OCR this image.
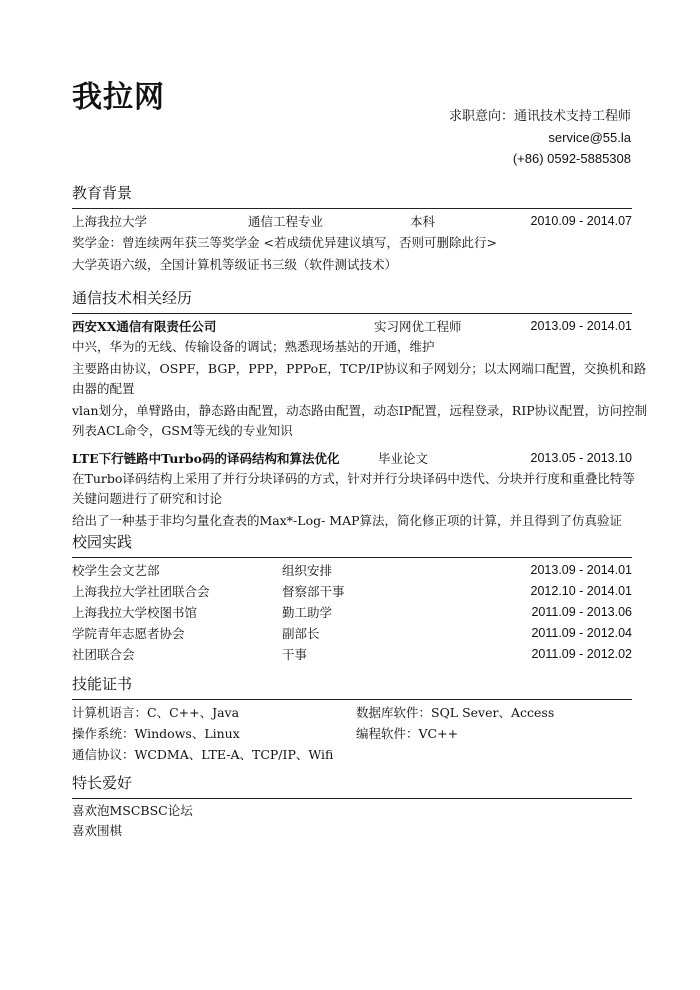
我拉网
求职意向：通讯技术支持工程师
service@55.la
(+86) 0592-5885308
教育背景
上海我拉大学	通信工程专业	本科	2010.09 - 2014.07
奖学金：曾连续两年获三等奖学金 <若成绩优异建议填写，否则可删除此行>
大学英语六级，全国计算机等级证书三级（软件测试技术）
通信技术相关经历
西安XX通信有限责任公司	实习网优工程师	2013.09 - 2014.01
中兴，华为的无线、传输设备的调试；熟悉现场基站的开通，维护
主要路由协议，OSPF，BGP，PPP，PPPoE，TCP/IP协议和子网划分；以太网端口配置，交换机和路
由器的配置
vlan划分，单臂路由，静态路由配置，动态路由配置，动态IP配置，远程登录，RIP协议配置，访问控制
列表ACL命令，GSM等无线的专业知识
LTE下行链路中Turbo码的译码结构和算法优化	毕业论文	2013.05 - 2013.10
在Turbo译码结构上采用了并行分块译码的方式，针对并行分块译码中迭代、分块并行度和重叠比特等
关键问题进行了研究和讨论
给出了一种基于非均匀量化查表的Max*-Log- MAP算法，简化修正项的计算，并且得到了仿真验证
校园实践
校学生会文艺部	组织安排	2013.09 - 2014.01
上海我拉大学社团联合会	督察部干事	2012.10 - 2014.01
上海我拉大学校图书馆	勤工助学	2011.09 - 2013.06
学院青年志愿者协会	副部长	2011.09 - 2012.04
社团联合会	干事	2011.09 - 2012.02
技能证书
计算机语言：C、C++、Java	数据库软件：SQL Sever、Access
操作系统：Windows、Linux	编程软件：VC++
通信协议：WCDMA、LTE-A、TCP/IP、Wifi
特长爱好
喜欢泡MSCBSC论坛
喜欢围棋
